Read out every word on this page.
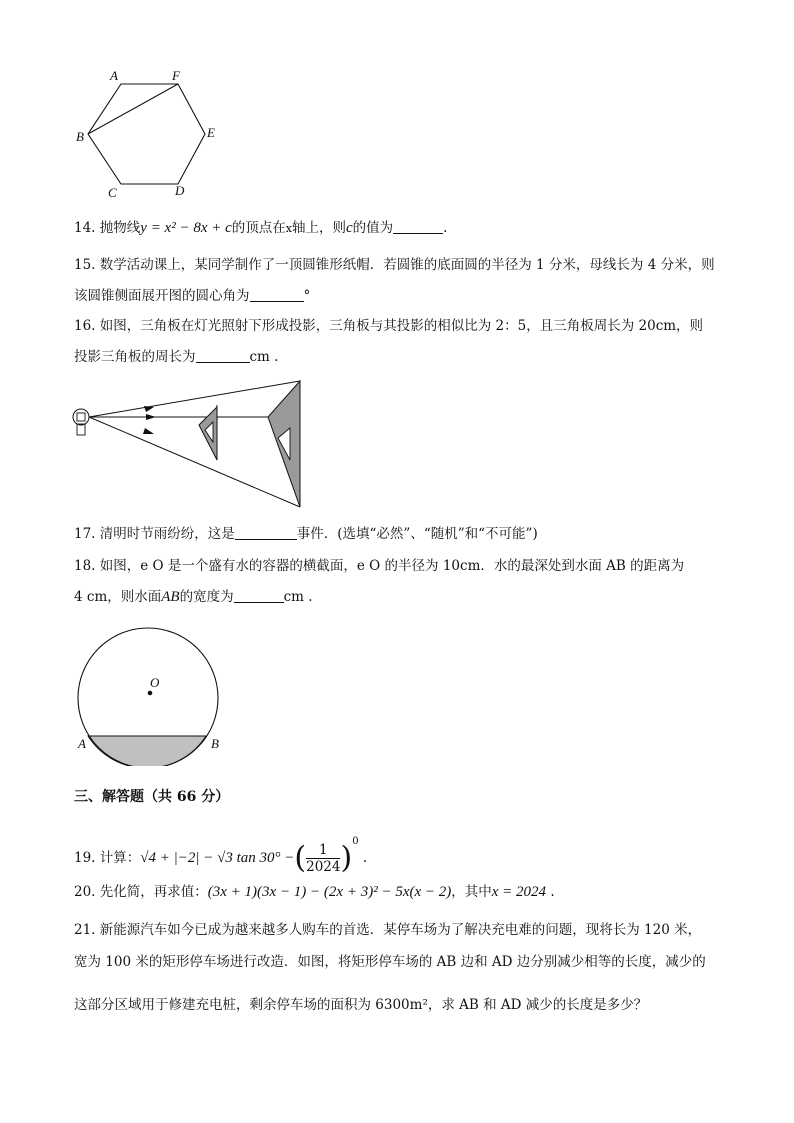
A	F
B	E
C	D
14. 抛物线y = x² − 8x + c的顶点在x轴上，则c的值为	.
15. 数学活动课上，某同学制作了一顶圆锥形纸帽．若圆锥的底面圆的半径为 1 分米，母线长为 4 分米，则
该圆锥侧面展开图的圆心角为	°
16. 如图，三角板在灯光照射下形成投影，三角板与其投影的相似比为 2：5，且三角板周长为 20cm，则
投影三角板的周长为	cm .
17. 清明时节雨纷纷，这是	事件．(选填“必然”、“随机”和“不可能”)
18. 如图，e O 是一个盛有水的容器的横截面，e O 的半径为 10cm．水的最深处到水面 AB 的距离为
4 cm，则水面AB的宽度为	cm .
O
A	B
三、解答题（共 66 分）
19. 计算：√4 + |−2| − √3 tan 30° −( $\frac{1}{2024} )^0$ .
20. 先化简，再求值：(3x + 1)(3x − 1) − (2x + 3)² − 5x(x − 2)，其中x = 2024 .
21. 新能源汽车如今已成为越来越多人购车的首选．某停车场为了解决充电难的问题，现将长为 120 米，
宽为 100 米的矩形停车场进行改造．如图，将矩形停车场的 AB 边和 AD 边分别减少相等的长度，减少的
这部分区域用于修建充电桩，剩余停车场的面积为 6300m²，求 AB 和 AD 减少的长度是多少？
